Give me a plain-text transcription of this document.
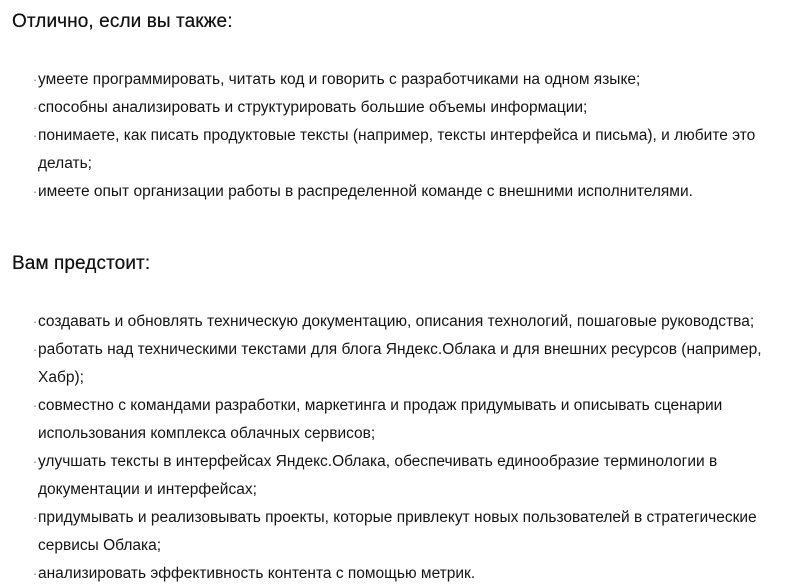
Отлично, если вы также:
· умеете программировать, читать код и говорить с разработчиками на одном языке;
· способны анализировать и структурировать большие объемы информации;
· понимаете, как писать продуктовые тексты (например, тексты интерфейса и письма), и любите это делать;
· имеете опыт организации работы в распределенной команде с внешними исполнителями.
Вам предстоит:
· создавать и обновлять техническую документацию, описания технологий, пошаговые руководства;
· работать над техническими текстами для блога Яндекс.Облака и для внешних ресурсов (например, Хабр);
· совместно с командами разработки, маркетинга и продаж придумывать и описывать сценарии использования комплекса облачных сервисов;
· улучшать тексты в интерфейсах Яндекс.Облака, обеспечивать единообразие терминологии в документации и интерфейсах;
· придумывать и реализовывать проекты, которые привлекут новых пользователей в стратегические сервисы Облака;
· анализировать эффективность контента с помощью метрик.
